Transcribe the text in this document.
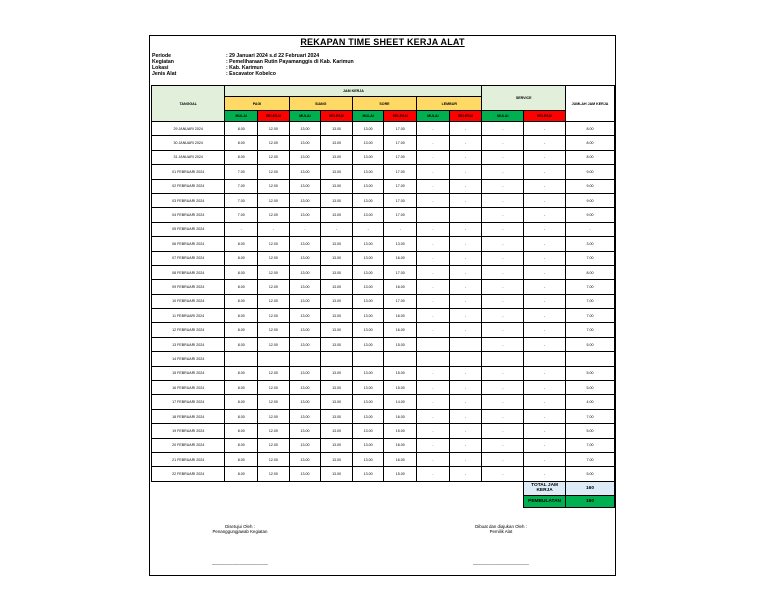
REKAPAN TIME SHEET KERJA ALAT
Periode	: 29 Januari 2024 s.d 22 Februari 2024
Kegiatan	: Pemeliharaan Rutin Payamanggis di Kab. Karimun
Lokasi	: Kab. Karimun
Jenis Alat	: Escavator Kobelco
TANGGAL	JAM KERJA								SERVICE		JUMLAH JAM KERJA
	PAGI		SIANG		SORE		LEMBUR				
	MULAI	SELESAI	MULAI	SELESAI	MULAI	SELESAI	MULAI	SELESAI	MULAI	SELESAI	
29 JANUARI 2024	8.00	12.00	13.00	13.00	13.00	17.00	-	-	-	-	8.00
30 JANUARI 2024	8.00	12.00	13.00	13.00	13.00	17.00	-	-	-	-	8.00
31 JANUARI 2024	8.00	12.00	13.00	13.00	13.00	17.00	-	-	-	-	8.00
01 FEBRUARI 2024	7.00	12.00	13.00	13.00	13.00	17.00	-	-	-	-	9.00
02 FEBRUARI 2024	7.00	12.00	13.00	13.00	13.00	17.00	-	-	-	-	9.00
03 FEBRUARI 2024	7.00	12.00	13.00	13.00	13.00	17.00	-	-	-	-	9.00
04 FEBRUARI 2024	7.00	12.00	13.00	13.00	13.00	17.00			-	-	9.00
05 FEBRUARI 2024	-	-	-	-	-	-	-	-	-	-	-
06 FEBRUARI 2024	8.00	12.00	13.00	13.00	13.00	13.00	-	-	-	-	3.00
07 FEBRUARI 2024	8.00	12.00	13.00	13.00	13.00	16.00	-	-	-	-	7.00
08 FEBRUARI 2024	8.00	12.00	13.00	13.00	13.00	17.00	-	-	-	-	8.00
09 FEBRUARI 2024	8.00	12.00	13.00	13.00	13.00	16.00	-	-	-	-	7.00
10 FEBRUARI 2024	8.00	12.00	13.00	13.00	13.00	17.00	-	-	-	-	7.00
11 FEBRUARI 2024	8.00	12.00	13.00	13.00	13.00	16.00	-	-	-	-	7.00
12 FEBRUARI 2024	8.00	12.00	13.00	13.00	13.00	16.00	-	-	-	-	7.00
13 FEBRUARI 2024	8.00	12.00	13.00	13.00	13.00	15.00			-	-	5.00
14 FEBRUARI 2024											
15 FEBRUARI 2024	8.00	12.00	13.00	13.00	13.00	15.00	-	-	-	-	5.00
16 FEBRUARI 2024	8.00	12.00	13.00	13.00	13.00	15.00	-	-	-	-	5.00
17 FEBRUARI 2024	8.00	12.00	13.00	13.00	13.00	14.00	-	-	-	-	4.00
18 FEBRUARI 2024	8.00	12.00	13.00	13.00	13.00	16.00	-	-	-	-	7.00
19 FEBRUARI 2024	8.00	12.00	13.00	13.00	13.00	15.00	-	-	-	-	5.00
20 FEBRUARI 2024	8.00	12.00	13.00	13.00	13.00	16.00	-	-	-	-	7.00
21 FEBRUARI 2024	8.00	12.00	13.00	13.00	13.00	16.00	-	-	-	-	7.00
22 FEBRUARI 2024	8.00	12.00	13.00	13.00	13.00	15.00	-	-	-	-	5.00
										TOTAL JAM KERJA	160
										PEMBULATAN	160
Disetujui Oleh :
Penanggungjawab Kegiatan
______________________
Dibuat dan diajukan Oleh :
Pemilik Alat
______________________
